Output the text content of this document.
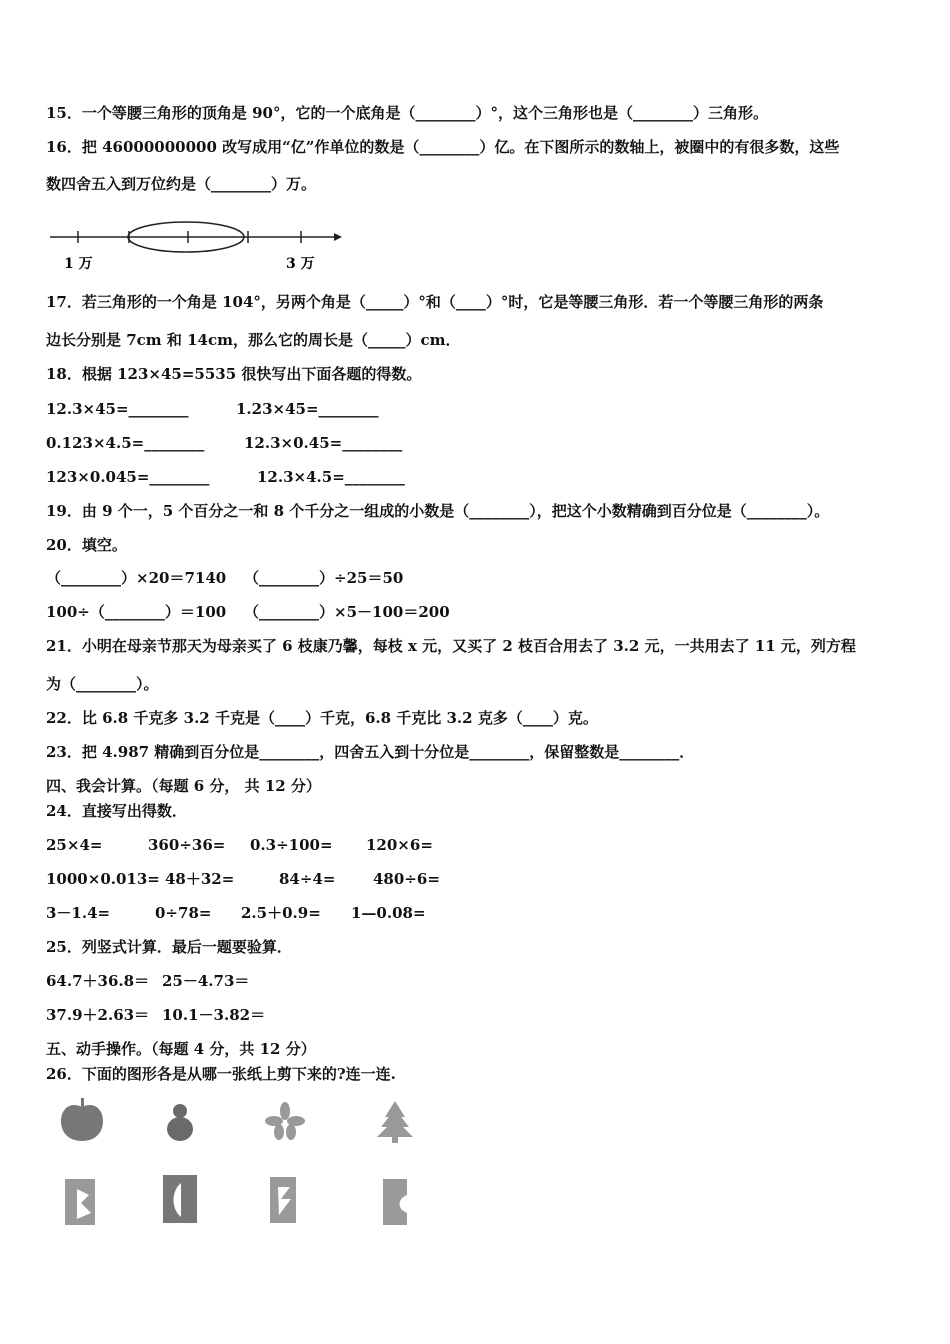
15．一个等腰三角形的顶角是 90°，它的一个底角是（________）°，这个三角形也是（________）三角形。
16．把 46000000000 改写成用“亿”作单位的数是（________）亿。在下图所示的数轴上，被圈中的有很多数，这些
数四舍五入到万位约是（________）万。
1 万	3 万
17．若三角形的一个角是 104°，另两个角是（_____）°和（____）°时，它是等腰三角形．若一个等腰三角形的两条
边长分别是 7cm 和 14cm，那么它的周长是（_____）cm．
18．根据 123×45=5535 很快写出下面各题的得数。
12.3×45=________	1.23×45=________
0.123×4.5=________	12.3×0.45=________
123×0.045=________	12.3×4.5=________
19．由 9 个一，5 个百分之一和 8 个千分之一组成的小数是（________），把这个小数精确到百分位是（________）。
20．填空。
（________）×20＝7140 （________）÷25＝50
100÷（________）＝100 （________）×5－100＝200
21．小明在母亲节那天为母亲买了 6 枝康乃馨，每枝 x 元，又买了 2 枝百合用去了 3.2 元，一共用去了 11 元，列方程
为（________）。
22．比 6.8 千克多 3.2 千克是（____）千克，6.8 千克比 3.2 克多（____）克。
23．把 4.987 精确到百分位是________，四舍五入到十分位是________，保留整数是________．
四、我会计算。（每题 6 分， 共 12 分）
24．直接写出得数．
25×4=	360÷36= 0.3÷100= 120×6=
1000×0.013= 48＋32=	84÷4=	480÷6=
3－1.4=	0÷78= 2.5＋0.9= 1—0.08=
25．列竖式计算．最后一题要验算．
64.7＋36.8＝ 25－4.73＝
37.9＋2.63＝ 10.1－3.82＝
五、动手操作。（每题 4 分，共 12 分）
26．下面的图形各是从哪一张纸上剪下来的?连一连.
